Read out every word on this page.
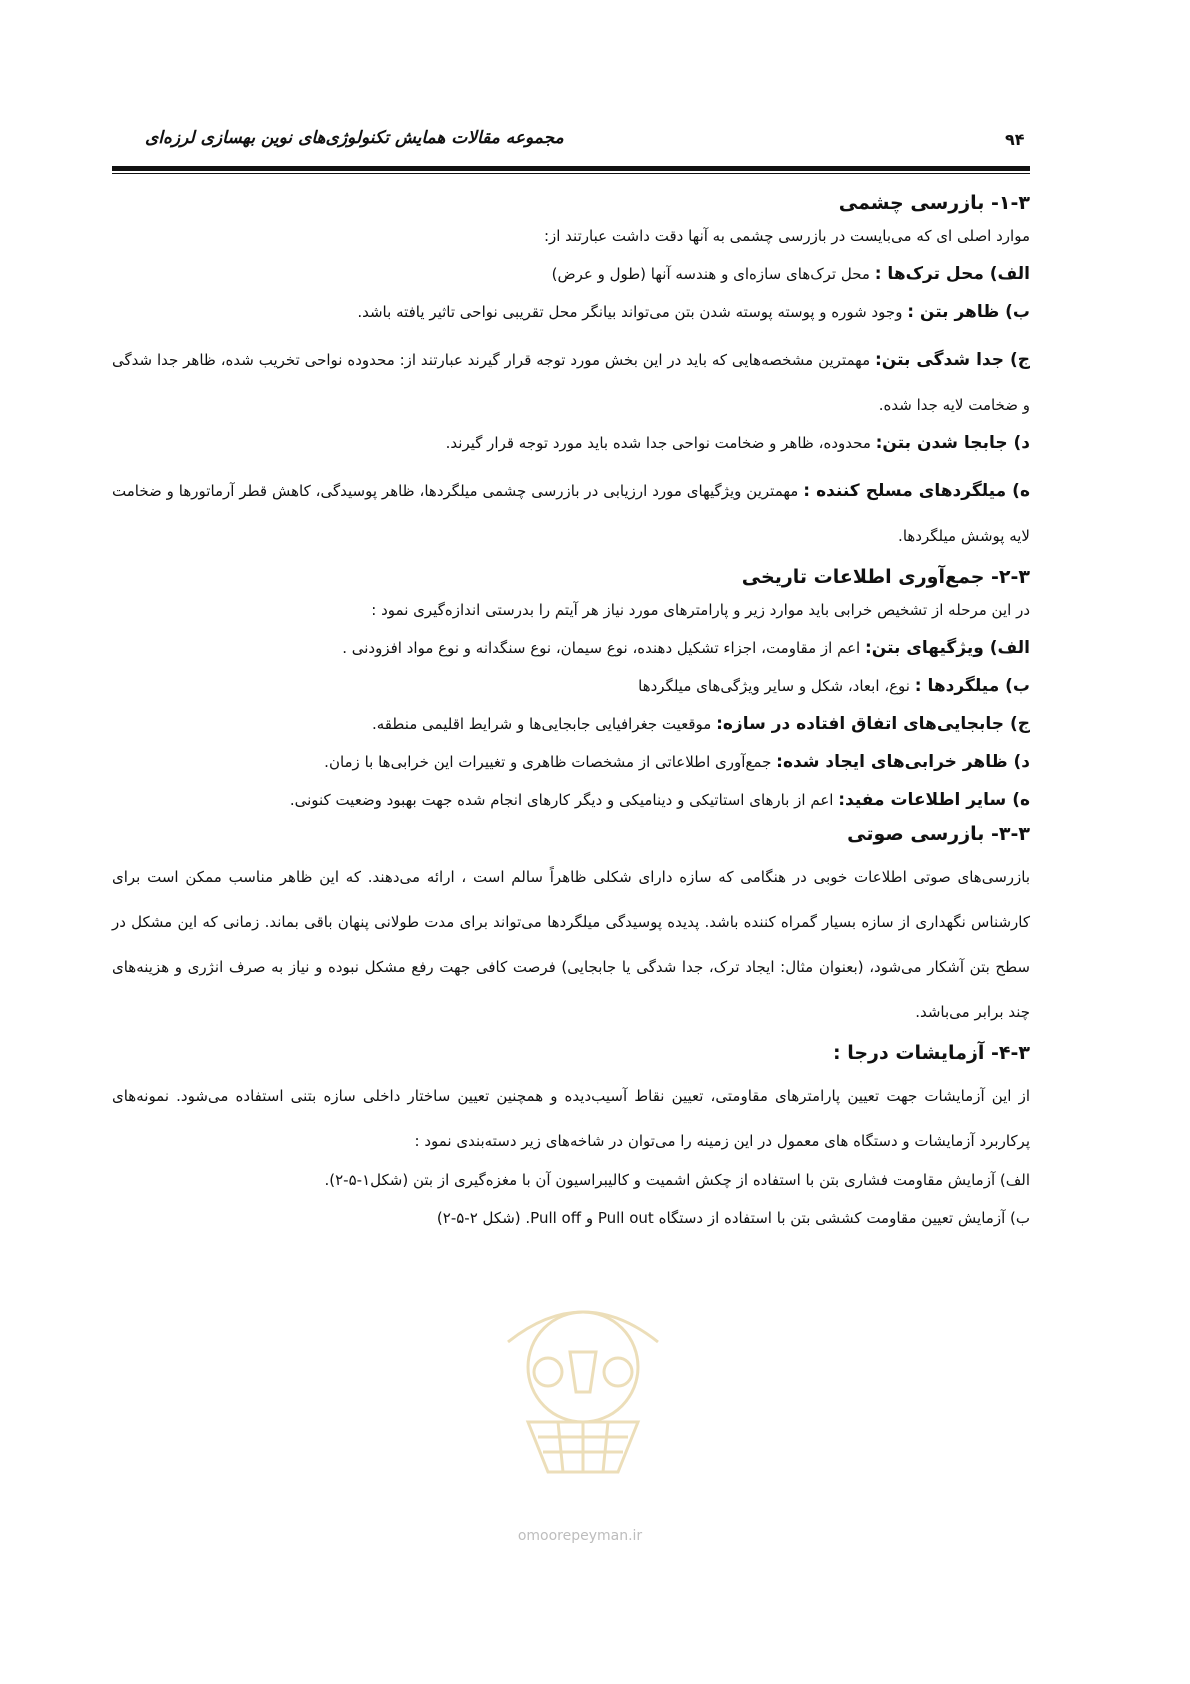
مجموعه مقالات همایش تکنولوژی‌های نوین بهسازی لرزه‌ای	۹۴
۱-۳- بازرسی چشمی
موارد اصلی ای که می‌بایست در بازرسی چشمی به آنها دقت داشت عبارتند از:
الف) محل ترک‌ها : محل ترک‌های سازه‌ای و هندسه آنها (طول و عرض)
ب) ظاهر بتن : وجود شوره و پوسته پوسته شدن بتن می‌تواند بیانگر محل تقریبی نواحی تاثیر یافته باشد.
ج) جدا شدگی بتن: مهمترین مشخصه‌هایی که باید در این بخش مورد توجه قرار گیرند عبارتند از: محدوده نواحی تخریب شده، ظاهر جدا شدگی و ضخامت لایه جدا شده.
د) جابجا شدن بتن: محدوده، ظاهر و ضخامت نواحی جدا شده باید مورد توجه قرار گیرند.
ه) میلگردهای مسلح کننده : مهمترین ویژگیهای مورد ارزیابی در بازرسی چشمی میلگردها، ظاهر پوسیدگی، کاهش قطر آرماتورها و ضخامت لایه پوشش میلگردها.
۲-۳- جمع‌آوری اطلاعات تاریخی
در این مرحله از تشخیص خرابی باید موارد زیر و پارامترهای مورد نیاز هر آیتم را بدرستی اندازه‌گیری نمود :
الف) ویژگیهای بتن: اعم از مقاومت، اجزاء تشکیل دهنده، نوع سیمان، نوع سنگدانه و نوع مواد افزودنی .
ب) میلگردها : نوع، ابعاد، شکل و سایر ویژگی‌های میلگردها
ج) جابجایی‌های اتفاق افتاده در سازه: موقعیت جغرافیایی جابجایی‌ها و شرایط اقلیمی منطقه.
د) ظاهر خرابی‌های ایجاد شده: جمع‌آوری اطلاعاتی از مشخصات ظاهری و تغییرات این خرابی‌ها با زمان.
ه) سایر اطلاعات مفید: اعم از بارهای استاتیکی و دینامیکی و دیگر کارهای انجام شده جهت بهبود وضعیت کنونی.
۳-۳- بازرسی صوتی
بازرسی‌های صوتی اطلاعات خوبی در هنگامی که سازه دارای شکلی ظاهراً سالم است ، ارائه می‌دهند. که این ظاهر مناسب ممکن است برای کارشناس نگهداری از سازه بسیار گمراه کننده باشد. پدیده پوسیدگی میلگردها می‌تواند برای مدت طولانی پنهان باقی بماند. زمانی که این مشکل در سطح بتن آشکار می‌شود، (بعنوان مثال: ایجاد ترک، جدا شدگی یا جابجایی) فرصت کافی جهت رفع مشکل نبوده و نیاز به صرف انژری و هزینه‌های چند برابر می‌باشد.
۴-۳- آزمایشات درجا :
از این آزمایشات جهت تعیین پارامترهای مقاومتی، تعیین نقاط آسیب‌دیده و همچنین تعیین ساختار داخلی سازه بتنی استفاده می‌شود. نمونه‌های پرکاربرد آزمایشات و دستگاه های معمول در این زمینه را می‌توان در شاخه‌های زیر دسته‌بندی نمود :
الف) آزمایش مقاومت فشاری بتن با استفاده از چکش اشمیت و کالیبراسیون آن با مغزه‌گیری از بتن (شکل۱-۵-۲).
ب) آزمایش تعیین مقاومت کششی بتن با استفاده از دستگاه Pull out و Pull off. (شکل ۲-۵-۲)
omoorepeyman.ir
